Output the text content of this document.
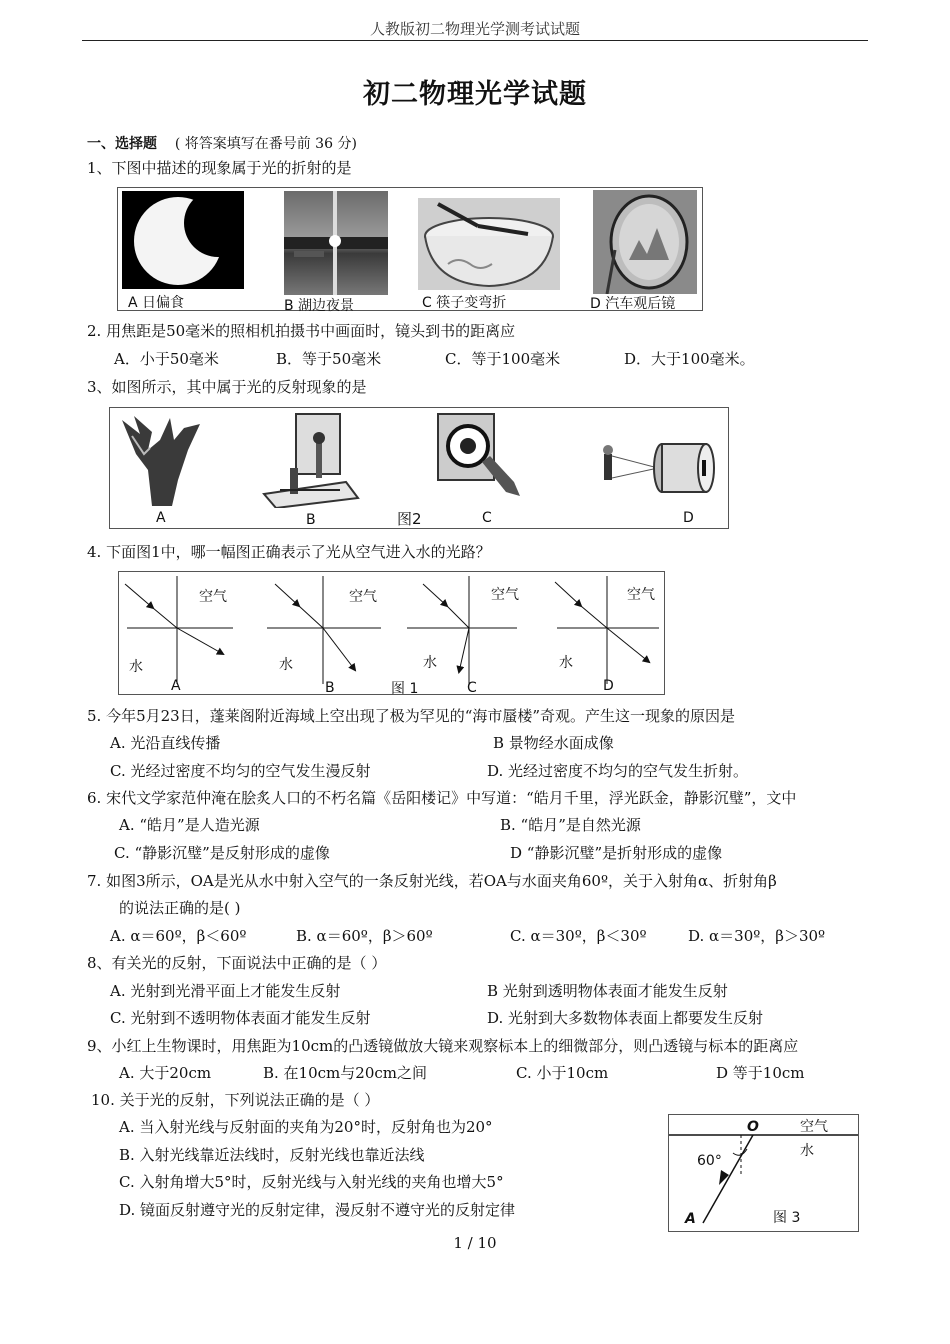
人教版初二物理光学测考试试题
初二物理光学试题
一、选择题 ( 将答案填写在番号前 36 分)
1、下图中描述的现象属于光的折射的是
A 日偏食	B 湖边夜景	C 筷子变弯折	D 汽车观后镜
2. 用焦距是50毫米的照相机拍摄书中画面时，镜头到书的距离应
A．小于50毫米	B．等于50毫米	C．等于100毫米	D．大于100毫米。
3、如图所示，其中属于光的反射现象的是
A	B	图2	C	D
4. 下面图1中，哪一幅图正确表示了光从空气进入水的光路？
空气	空气	空气	空气
水	水	水	水
A	B	图 1	C	D
5. 今年5月23日，蓬莱阁附近海域上空出现了极为罕见的“海市蜃楼”奇观。产生这一现象的原因是
A. 光沿直线传播	B 景物经水面成像
C. 光经过密度不均匀的空气发生漫反射	D. 光经过密度不均匀的空气发生折射。
6. 宋代文学家范仲淹在脍炙人口的不朽名篇《岳阳楼记》中写道：“皓月千里，浮光跃金，静影沉璧”，文中
A. “皓月”是人造光源	B. “皓月”是自然光源
C. “静影沉璧”是反射形成的虚像	D “静影沉璧”是折射形成的虚像
7. 如图3所示，OA是光从水中射入空气的一条反射光线，若OA与水面夹角60º，关于入射角α、折射角β
的说法正确的是( )
A. α＝60º，β＜60º	B. α＝60º，β＞60º	C. α＝30º，β＜30º	D. α＝30º，β＞30º
8、有关光的反射，下面说法中正确的是（ ）
A. 光射到光滑平面上才能发生反射	B 光射到透明物体表面才能发生反射
C. 光射到不透明物体表面才能发生反射	D. 光射到大多数物体表面上都要发生反射
9、小红上生物课时，用焦距为10cm的凸透镜做放大镜来观察标本上的细微部分，则凸透镜与标本的距离应
A. 大于20cm	B. 在10cm与20cm之间	C. 小于10cm	D 等于10cm
10. 关于光的反射，下列说法正确的是（ ）
A. 当入射光线与反射面的夹角为20°时，反射角也为20°
B. 入射光线靠近法线时，反射光线也靠近法线
C. 入射角增大5°时，反射光线与入射光线的夹角也增大5°
D. 镜面反射遵守光的反射定律，漫反射不遵守光的反射定律
O	空气
水
60°
A	图 3
1 / 10
